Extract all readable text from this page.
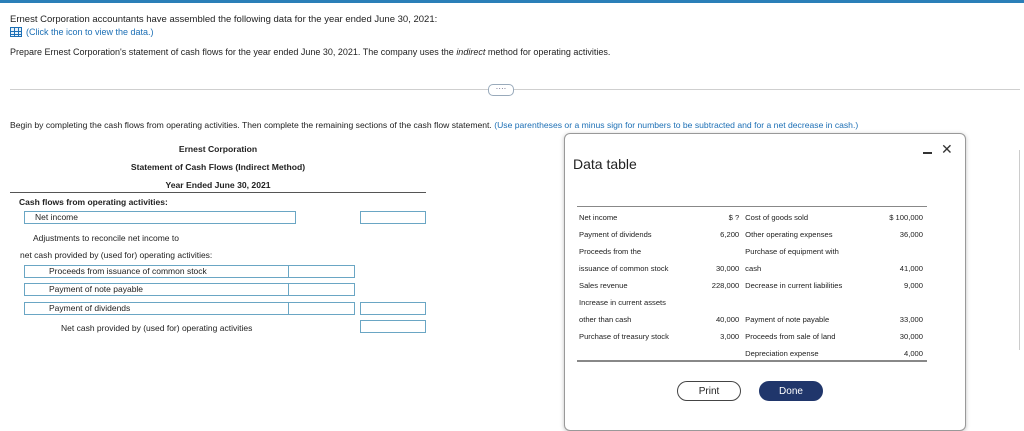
Ernest Corporation accountants have assembled the following data for the year ended June 30, 2021:
(Click the icon to view the data.)
Prepare Ernest Corporation's statement of cash flows for the year ended June 30, 2021. The company uses the indirect method for operating activities.
····
Begin by completing the cash flows from operating activities. Then complete the remaining sections of the cash flow statement. (Use parentheses or a minus sign for numbers to be subtracted and for a net decrease in cash.)
Ernest Corporation
Statement of Cash Flows (Indirect Method)
Year Ended June 30, 2021
Cash flows from operating activities:
Net income
Adjustments to reconcile net income to
net cash provided by (used for) operating activities:
Proceeds from issuance of common stock
Payment of note payable
Payment of dividends
Net cash provided by (used for) operating activities
Data table
✕
Net income	$ ?	Cost of goods sold	$ 100,000
Payment of dividends	6,200	Other operating expenses	36,000
Proceeds from the		Purchase of equipment with	
issuance of common stock	30,000	cash	41,000
Sales revenue	228,000	Decrease in current liabilities	9,000
Increase in current assets			
other than cash	40,000	Payment of note payable	33,000
Purchase of treasury stock	3,000	Proceeds from sale of land	30,000
		Depreciation expense	4,000
Print	Done
